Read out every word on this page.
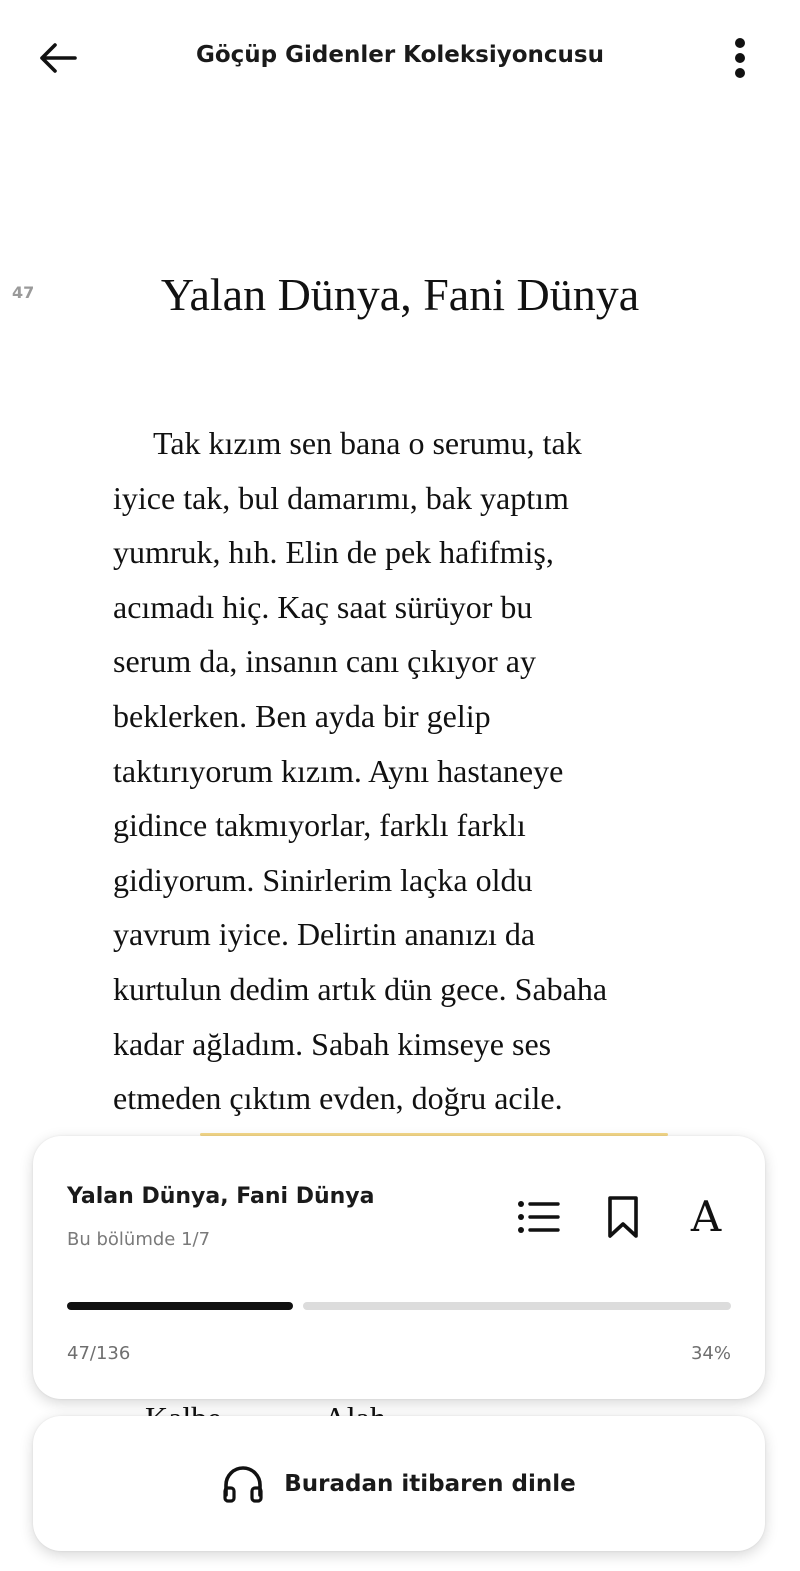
Göçüp Gidenler Koleksiyoncusu
47	Yalan Dünya, Fani Dünya
Tak kızım sen bana o serumu, tak
iyice tak, bul damarımı, bak yaptım
yumruk, hıh. Elin de pek hafifmiş,
acımadı hiç. Kaç saat sürüyor bu
serum da, insanın canı çıkıyor ay
beklerken. Ben ayda bir gelip
taktırıyorum kızım. Aynı hastaneye
gidince takmıyorlar, farklı farklı
gidiyorum. Sinirlerim laçka oldu
yavrum iyice. Delirtin ananızı da
kurtulun dedim artık dün gece. Sabaha
kadar ağladım. Sabah kimseye ses
etmeden çıktım evden, doğru acile.
Yalan Dünya, Fani Dünya
Bu bölümde 1/7	A
47/136	34%
Buradan itibaren dinle
